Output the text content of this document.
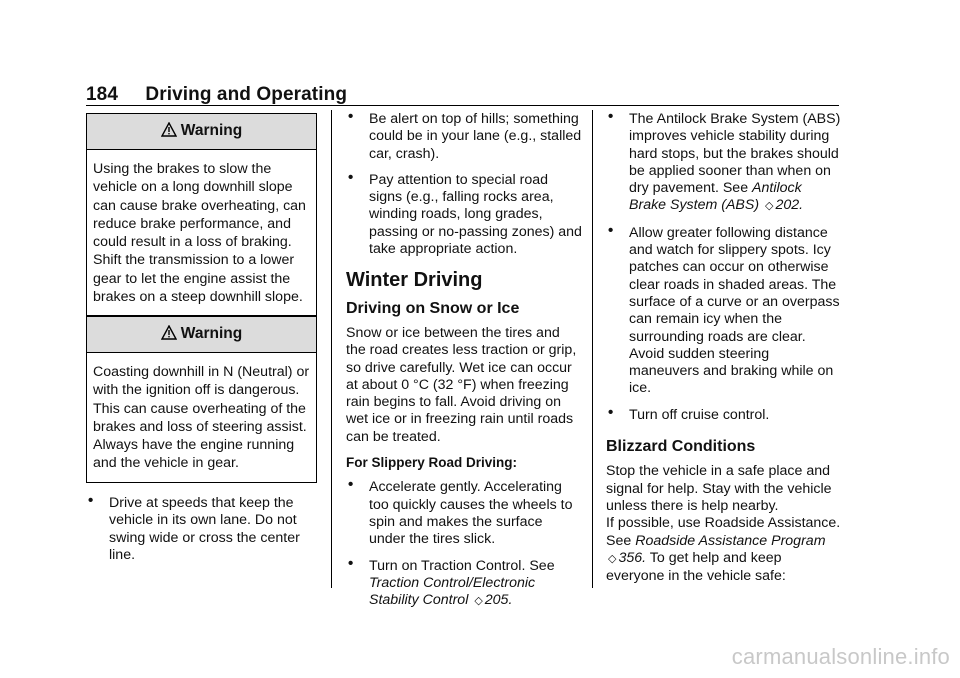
184 Driving and Operating
Warning
Using the brakes to slow the vehicle on a long downhill slope can cause brake overheating, can reduce brake performance, and could result in a loss of braking. Shift the transmission to a lower gear to let the engine assist the brakes on a steep downhill slope.
Warning
Coasting downhill in N (Neutral) or with the ignition off is dangerous. This can cause overheating of the brakes and loss of steering assist. Always have the engine running and the vehicle in gear.
• Drive at speeds that keep the vehicle in its own lane. Do not swing wide or cross the center line.
• Be alert on top of hills; something could be in your lane (e.g., stalled car, crash).
• Pay attention to special road signs (e.g., falling rocks area, winding roads, long grades, passing or no-passing zones) and take appropriate action.
Winter Driving
Driving on Snow or Ice
Snow or ice between the tires and the road creates less traction or grip, so drive carefully. Wet ice can occur at about 0 °C (32 °F) when freezing rain begins to fall. Avoid driving on wet ice or in freezing rain until roads can be treated.
For Slippery Road Driving:
• Accelerate gently. Accelerating too quickly causes the wheels to spin and makes the surface under the tires slick.
• Turn on Traction Control. See Traction Control/Electronic Stability Control ◇ 205.
• The Antilock Brake System (ABS) improves vehicle stability during hard stops, but the brakes should be applied sooner than when on dry pavement. See Antilock Brake System (ABS) ◇ 202.
• Allow greater following distance and watch for slippery spots. Icy patches can occur on otherwise clear roads in shaded areas. The surface of a curve or an overpass can remain icy when the surrounding roads are clear. Avoid sudden steering maneuvers and braking while on ice.
• Turn off cruise control.
Blizzard Conditions
Stop the vehicle in a safe place and signal for help. Stay with the vehicle unless there is help nearby.
If possible, use Roadside Assistance. See Roadside Assistance Program ◇ 356. To get help and keep everyone in the vehicle safe:
carmanualsonline.info
